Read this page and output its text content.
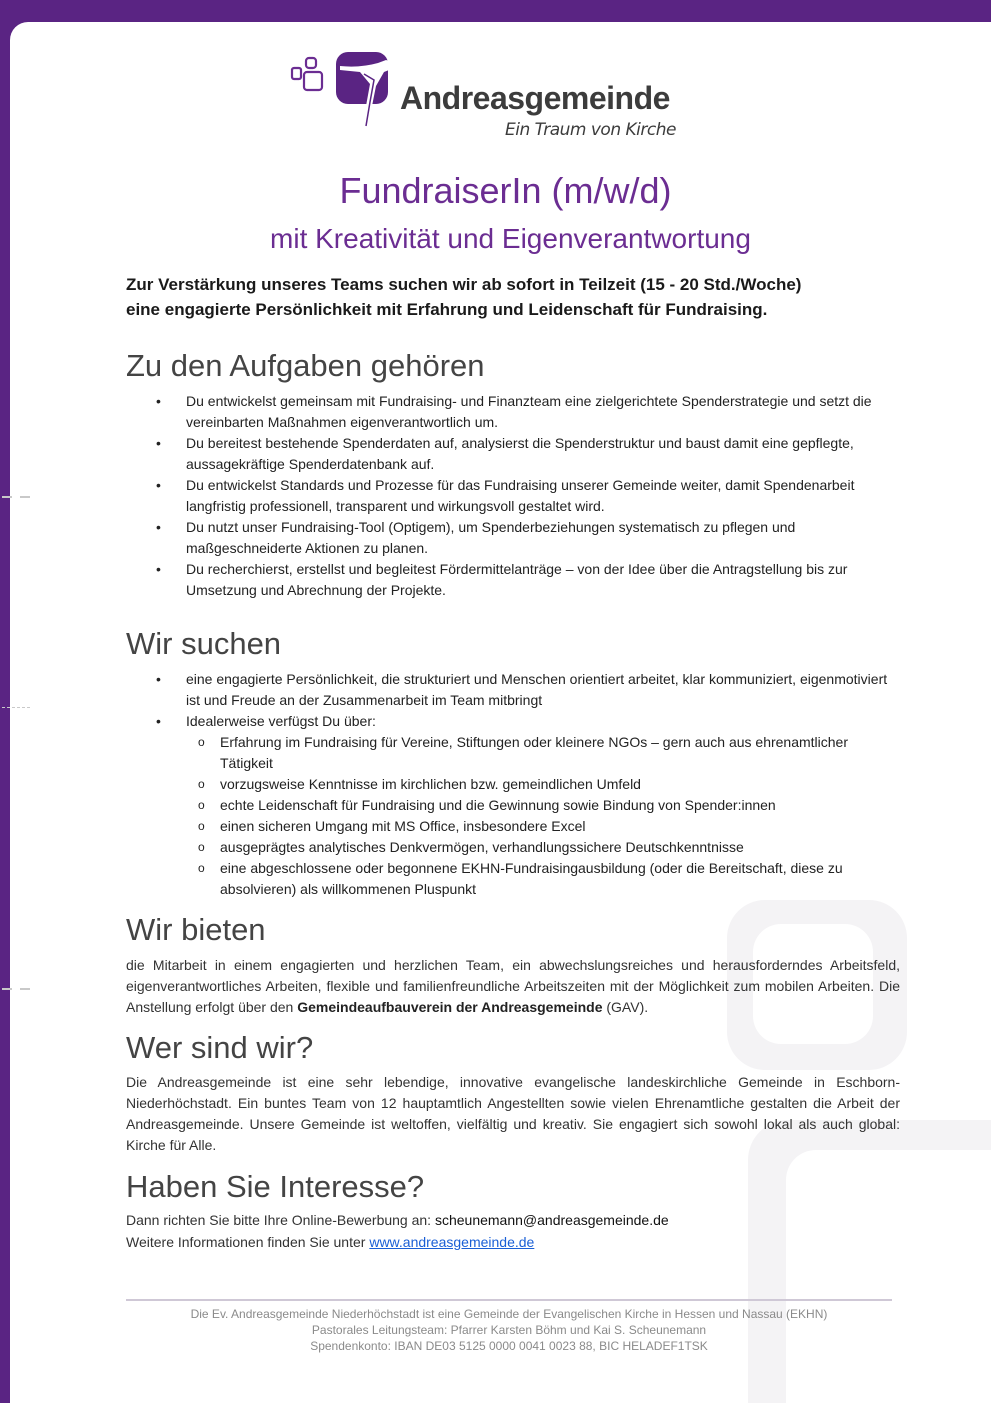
Andreasgemeinde
Ein Traum von Kirche
FundraiserIn (m/w/d)
mit Kreativität und Eigenverantwortung
Zur Verstärkung unseres Teams suchen wir ab sofort in Teilzeit (15 - 20 Std./Woche)
eine engagierte Persönlichkeit mit Erfahrung und Leidenschaft für Fundraising.
Zu den Aufgaben gehören
• Du entwickelst gemeinsam mit Fundraising- und Finanzteam eine zielgerichtete Spenderstrategie und setzt die vereinbarten Maßnahmen eigenverantwortlich um.
• Du bereitest bestehende Spenderdaten auf, analysierst die Spenderstruktur und baust damit eine gepflegte, aussagekräftige Spenderdatenbank auf.
• Du entwickelst Standards und Prozesse für das Fundraising unserer Gemeinde weiter, damit Spendenarbeit langfristig professionell, transparent und wirkungsvoll gestaltet wird.
• Du nutzt unser Fundraising-Tool (Optigem), um Spenderbeziehungen systematisch zu pflegen und maßgeschneiderte Aktionen zu planen.
• Du recherchierst, erstellst und begleitest Fördermittelanträge – von der Idee über die Antragstellung bis zur Umsetzung und Abrechnung der Projekte.
Wir suchen
• eine engagierte Persönlichkeit, die strukturiert und Menschen orientiert arbeitet, klar kommuniziert, eigenmotiviert ist und Freude an der Zusammenarbeit im Team mitbringt
• Idealerweise verfügst Du über:
o Erfahrung im Fundraising für Vereine, Stiftungen oder kleinere NGOs – gern auch aus ehrenamtlicher Tätigkeit
o vorzugsweise Kenntnisse im kirchlichen bzw. gemeindlichen Umfeld
o echte Leidenschaft für Fundraising und die Gewinnung sowie Bindung von Spender:innen
o einen sicheren Umgang mit MS Office, insbesondere Excel
o ausgeprägtes analytisches Denkvermögen, verhandlungssichere Deutschkenntnisse
o eine abgeschlossene oder begonnene EKHN-Fundraisingausbildung (oder die Bereitschaft, diese zu absolvieren) als willkommenen Pluspunkt
Wir bieten
die Mitarbeit in einem engagierten und herzlichen Team, ein abwechslungsreiches und herausforderndes Arbeitsfeld, eigenverantwortliches Arbeiten, flexible und familienfreundliche Arbeitszeiten mit der Möglichkeit zum mobilen Arbeiten. Die Anstellung erfolgt über den Gemeindeaufbauverein der Andreasgemeinde (GAV).
Wer sind wir?
Die Andreasgemeinde ist eine sehr lebendige, innovative evangelische landeskirchliche Gemeinde in Eschborn-Niederhöchstadt. Ein buntes Team von 12 hauptamtlich Angestellten sowie vielen Ehrenamtliche gestalten die Arbeit der Andreasgemeinde. Unsere Gemeinde ist weltoffen, vielfältig und kreativ. Sie engagiert sich sowohl lokal als auch global: Kirche für Alle.
Haben Sie Interesse?
Dann richten Sie bitte Ihre Online-Bewerbung an: scheunemann@andreasgemeinde.de
Weitere Informationen finden Sie unter www.andreasgemeinde.de
Die Ev. Andreasgemeinde Niederhöchstadt ist eine Gemeinde der Evangelischen Kirche in Hessen und Nassau (EKHN)
Pastorales Leitungsteam: Pfarrer Karsten Böhm und Kai S. Scheunemann
Spendenkonto: IBAN DE03 5125 0000 0041 0023 88, BIC HELADEF1TSK
